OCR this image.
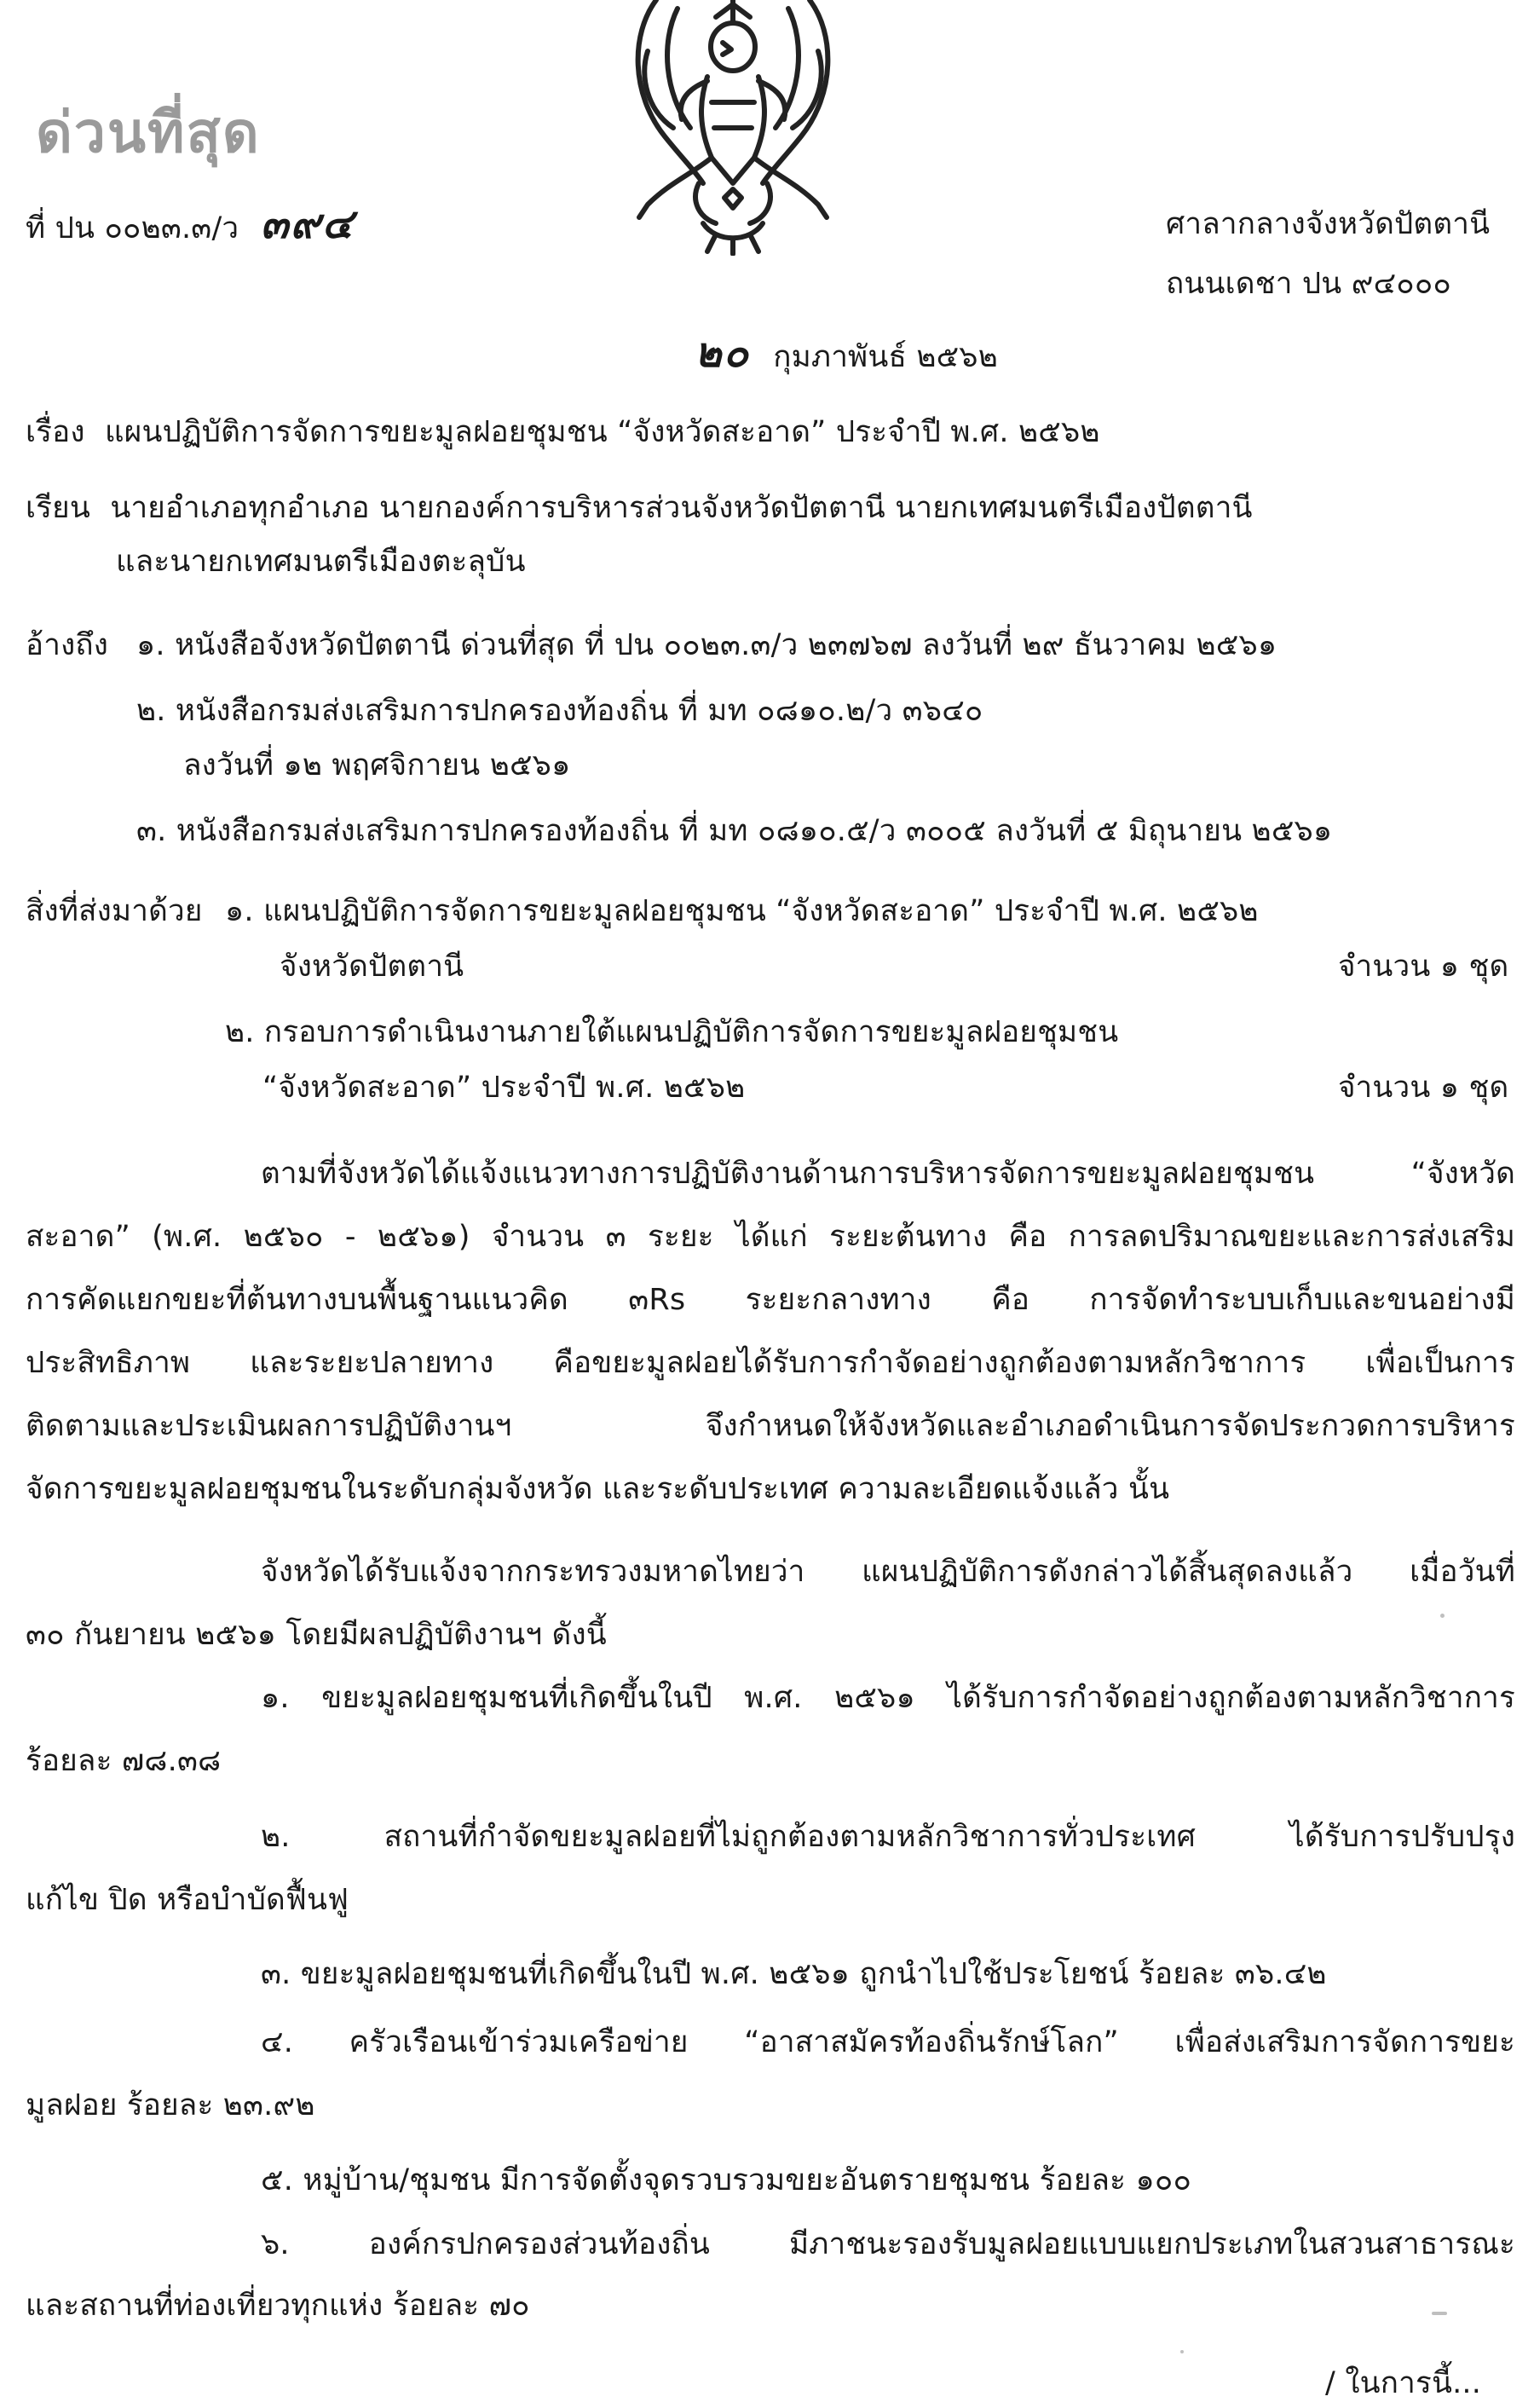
ด่วนที่สุด
ที่ ปน ๐๐๒๓.๓/ว ๓๙๔	ศาลากลางจังหวัดปัตตานี
ถนนเดชา ปน ๙๔๐๐๐
๒๐ กุมภาพันธ์ ๒๕๖๒
เรื่อง แผนปฏิบัติการจัดการขยะมูลฝอยชุมชน “จังหวัดสะอาด” ประจำปี พ.ศ. ๒๕๖๒
เรียน นายอำเภอทุกอำเภอ นายกองค์การบริหารส่วนจังหวัดปัตตานี นายกเทศมนตรีเมืองปัตตานี
และนายกเทศมนตรีเมืองตะลุบัน
อ้างถึง ๑. หนังสือจังหวัดปัตตานี ด่วนที่สุด ที่ ปน ๐๐๒๓.๓/ว ๒๓๗๖๗ ลงวันที่ ๒๙ ธันวาคม ๒๕๖๑
๒. หนังสือกรมส่งเสริมการปกครองท้องถิ่น ที่ มท ๐๘๑๐.๒/ว ๓๖๔๐
ลงวันที่ ๑๒ พฤศจิกายน ๒๕๖๑
๓. หนังสือกรมส่งเสริมการปกครองท้องถิ่น ที่ มท ๐๘๑๐.๕/ว ๓๐๐๕ ลงวันที่ ๕ มิถุนายน ๒๕๖๑
สิ่งที่ส่งมาด้วย ๑. แผนปฏิบัติการจัดการขยะมูลฝอยชุมชน “จังหวัดสะอาด” ประจำปี พ.ศ. ๒๕๖๒
จังหวัดปัตตานี	จำนวน ๑ ชุด
๒. กรอบการดำเนินงานภายใต้แผนปฏิบัติการจัดการขยะมูลฝอยชุมชน
“จังหวัดสะอาด” ประจำปี พ.ศ. ๒๕๖๒	จำนวน ๑ ชุด
ตามที่จังหวัดได้แจ้งแนวทางการปฏิบัติงานด้านการบริหารจัดการขยะมูลฝอยชุมชน “จังหวัด
สะอาด” (พ.ศ. ๒๕๖๐ - ๒๕๖๑) จำนวน ๓ ระยะ ได้แก่ ระยะต้นทาง คือ การลดปริมาณขยะและการส่งเสริม
การคัดแยกขยะที่ต้นทางบนพื้นฐานแนวคิด ๓Rs ระยะกลางทาง คือ การจัดทำระบบเก็บและขนอย่างมี
ประสิทธิภาพ และระยะปลายทาง คือขยะมูลฝอยได้รับการกำจัดอย่างถูกต้องตามหลักวิชาการ เพื่อเป็นการ
ติดตามและประเมินผลการปฏิบัติงานฯ จึงกำหนดให้จังหวัดและอำเภอดำเนินการจัดประกวดการบริหาร
จัดการขยะมูลฝอยชุมชนในระดับกลุ่มจังหวัด และระดับประเทศ ความละเอียดแจ้งแล้ว นั้น
จังหวัดได้รับแจ้งจากกระทรวงมหาดไทยว่า แผนปฏิบัติการดังกล่าวได้สิ้นสุดลงแล้ว เมื่อวันที่
๓๐ กันยายน ๒๕๖๑ โดยมีผลปฏิบัติงานฯ ดังนี้
๑. ขยะมูลฝอยชุมชนที่เกิดขึ้นในปี พ.ศ. ๒๕๖๑ ได้รับการกำจัดอย่างถูกต้องตามหลักวิชาการ
ร้อยละ ๗๘.๓๘
๒. สถานที่กำจัดขยะมูลฝอยที่ไม่ถูกต้องตามหลักวิชาการทั่วประเทศ ได้รับการปรับปรุง
แก้ไข ปิด หรือบำบัดฟื้นฟู
๓. ขยะมูลฝอยชุมชนที่เกิดขึ้นในปี พ.ศ. ๒๕๖๑ ถูกนำไปใช้ประโยชน์ ร้อยละ ๓๖.๔๒
๔. ครัวเรือนเข้าร่วมเครือข่าย “อาสาสมัครท้องถิ่นรักษ์โลก” เพื่อส่งเสริมการจัดการขยะ
มูลฝอย ร้อยละ ๒๓.๙๒
๕. หมู่บ้าน/ชุมชน มีการจัดตั้งจุดรวบรวมขยะอันตรายชุมชน ร้อยละ ๑๐๐
๖. องค์กรปกครองส่วนท้องถิ่น มีภาชนะรองรับมูลฝอยแบบแยกประเภทในสวนสาธารณะ
และสถานที่ท่องเที่ยวทุกแห่ง ร้อยละ ๗๐
/ ในการนี้...
